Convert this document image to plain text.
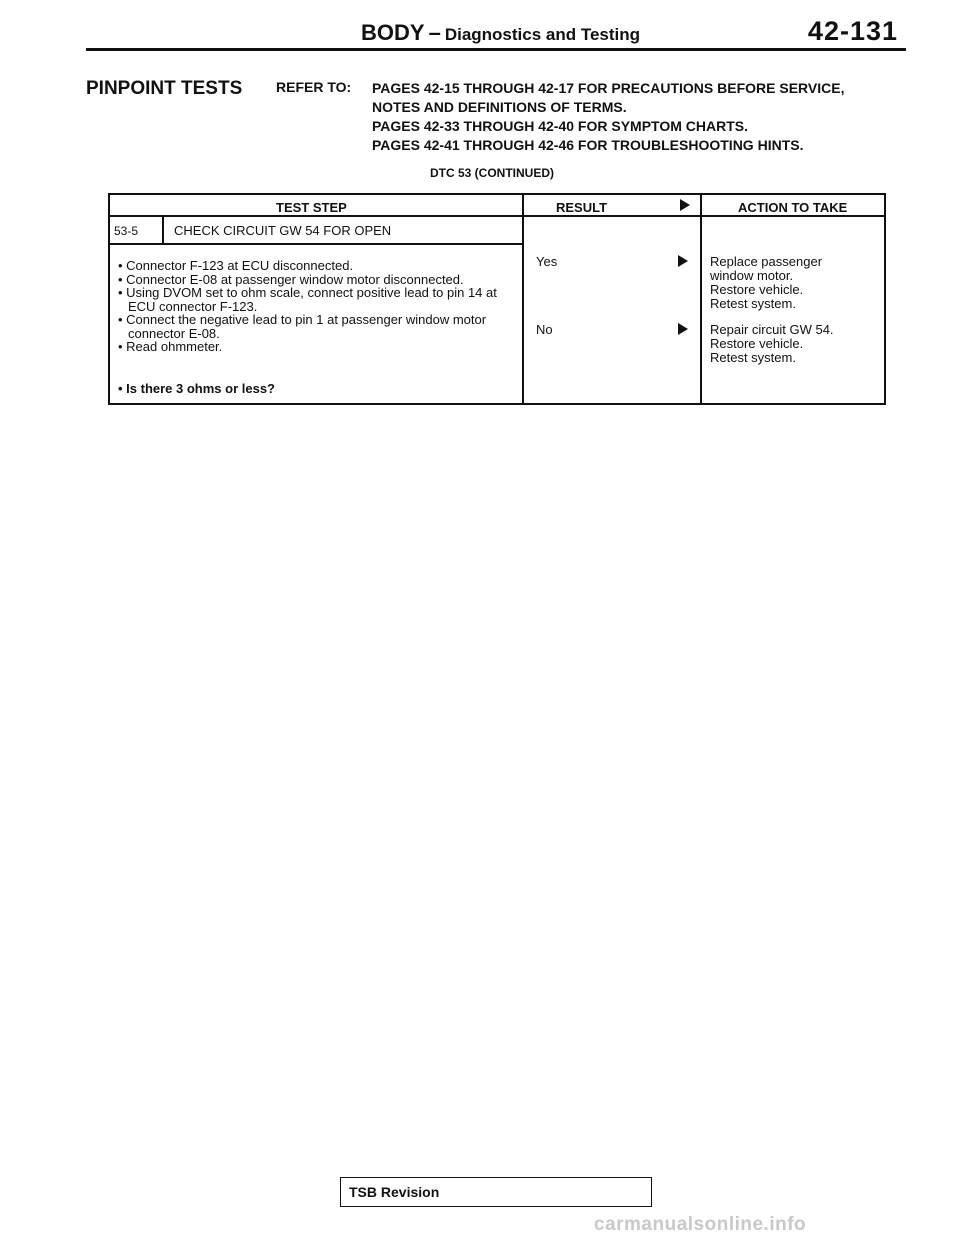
BODY – Diagnostics and Testing	42-131
PINPOINT TESTS REFER TO: PAGES 42-15 THROUGH 42-17 FOR PRECAUTIONS BEFORE SERVICE,
NOTES AND DEFINITIONS OF TERMS.
PAGES 42-33 THROUGH 42-40 FOR SYMPTOM CHARTS.
PAGES 42-41 THROUGH 42-46 FOR TROUBLESHOOTING HINTS.
DTC 53 (CONTINUED)
TEST STEP	RESULT	ACTION TO TAKE
53-5	CHECK CIRCUIT GW 54 FOR OPEN
• Connector F-123 at ECU disconnected.
• Connector E-08 at passenger window motor disconnected.
• Using DVOM set to ohm scale, connect positive lead to pin 14 at ECU connector F-123.
• Connect the negative lead to pin 1 at passenger window motor connector E-08.
• Read ohmmeter.
• Is there 3 ohms or less?
Yes	Replace passenger
window motor.
Restore vehicle.
Retest system.
No	Repair circuit GW 54.
Restore vehicle.
Retest system.
TSB Revision
carmanualsonline.info
